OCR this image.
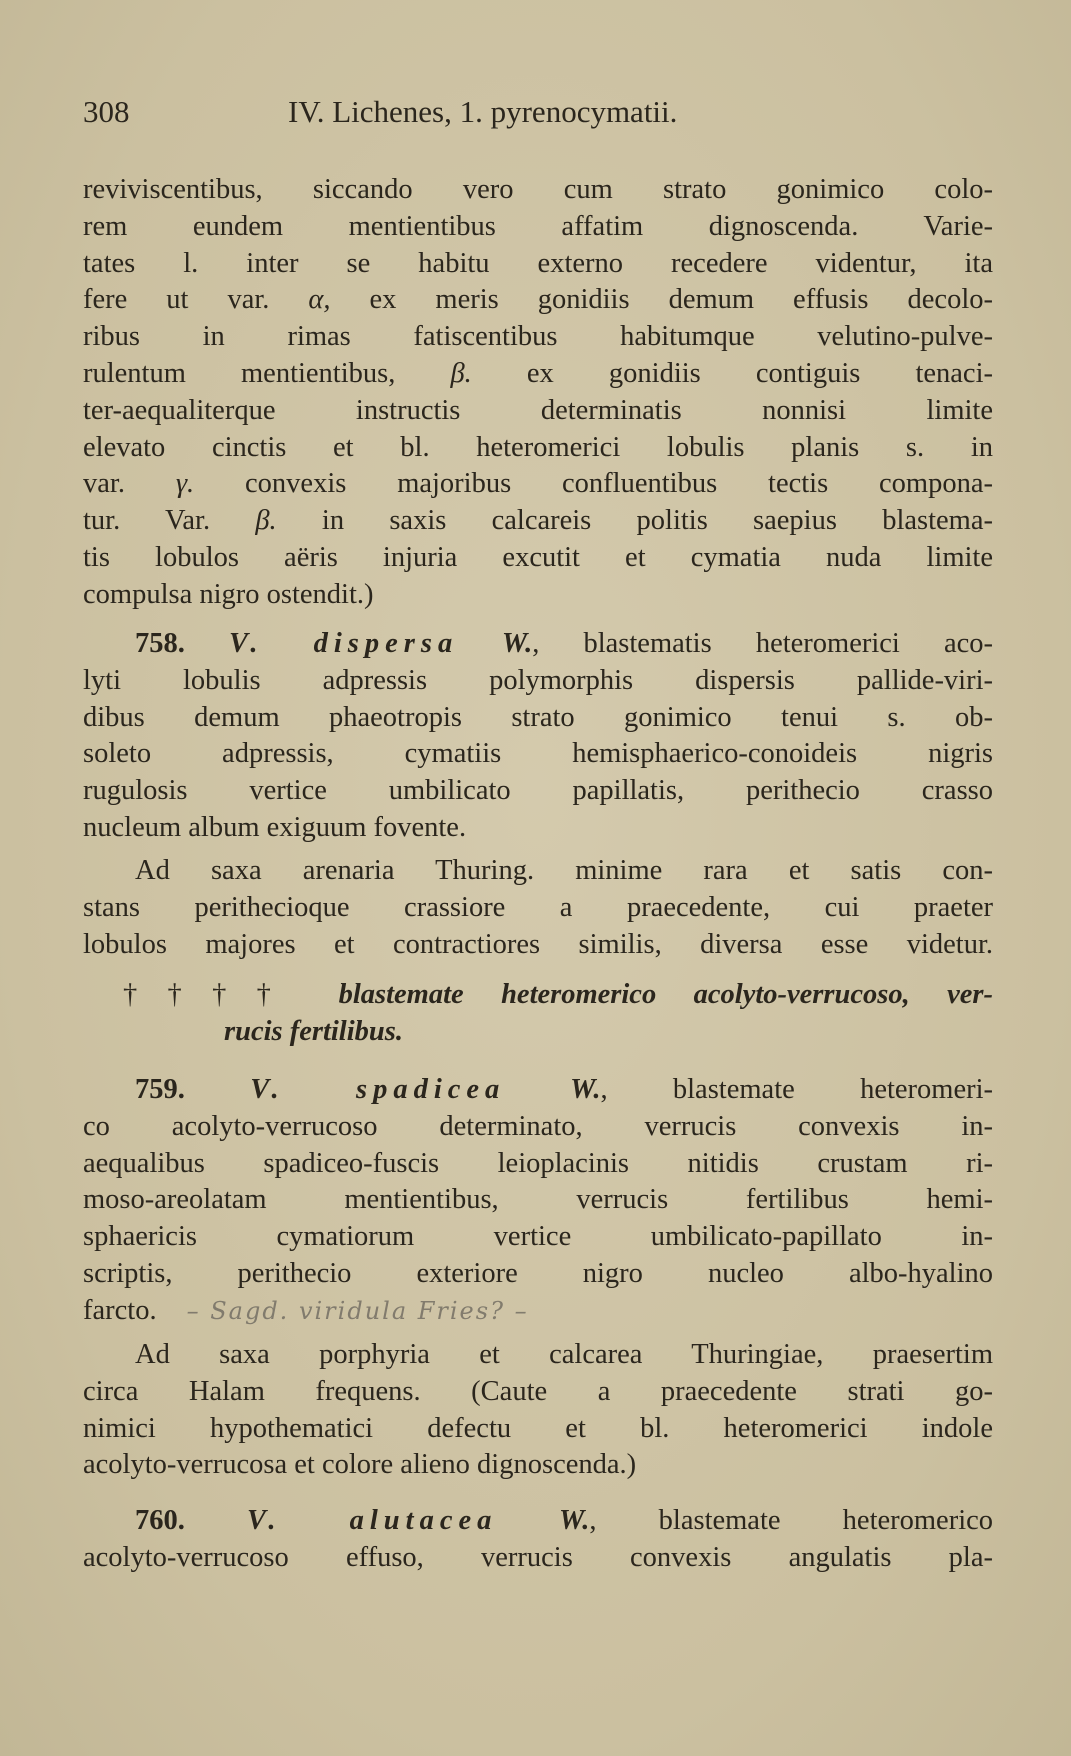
308	IV. Lichenes, 1. pyrenocymatii.
reviviscentibus, siccando vero cum strato gonimico colo-
rem eundem mentientibus affatim dignoscenda. Varie-
tates l. inter se habitu externo recedere videntur, ita
fere ut var. α, ex meris gonidiis demum effusis decolo-
ribus in rimas fatiscentibus habitumque velutino-pulve-
rulentum mentientibus, β. ex gonidiis contiguis tenaci-
ter-aequaliterque instructis determinatis nonnisi limite
elevato cinctis et bl. heteromerici lobulis planis s. in
var. γ. convexis majoribus confluentibus tectis compona-
tur. Var. β. in saxis calcareis politis saepius blastema-
tis lobulos aëris injuria excutit et cymatia nuda limite
compulsa nigro ostendit.)
758. V. dispersa W., blastematis heteromerici aco-
lyti lobulis adpressis polymorphis dispersis pallide-viri-
dibus demum phaeotropis strato gonimico tenui s. ob-
soleto adpressis, cymatiis hemisphaerico-conoideis nigris
rugulosis vertice umbilicato papillatis, perithecio crasso
nucleum album exiguum fovente.
Ad saxa arenaria Thuring. minime rara et satis con-
stans perithecioque crassiore a praecedente, cui praeter
lobulos majores et contractiores similis, diversa esse videtur.
†††† blastemate heteromerico acolyto-verrucoso, ver-
rucis fertilibus.
759. V. spadicea W., blastemate heteromeri-
co acolyto-verrucoso determinato, verrucis convexis in-
aequalibus spadiceo-fuscis leioplacinis nitidis crustam ri-
moso-areolatam mentientibus, verrucis fertilibus hemi-
sphaericis cymatiorum vertice umbilicato-papillato in-
scriptis, perithecio exteriore nigro nucleo albo-hyalino
farcto. – Sagd. viridula Fries? –
Ad saxa porphyria et calcarea Thuringiae, praesertim
circa Halam frequens. (Caute a praecedente strati go-
nimici hypothematici defectu et bl. heteromerici indole
acolyto-verrucosa et colore alieno dignoscenda.)
760. V. alutacea W., blastemate heteromerico
acolyto-verrucoso effuso, verrucis convexis angulatis pla-
